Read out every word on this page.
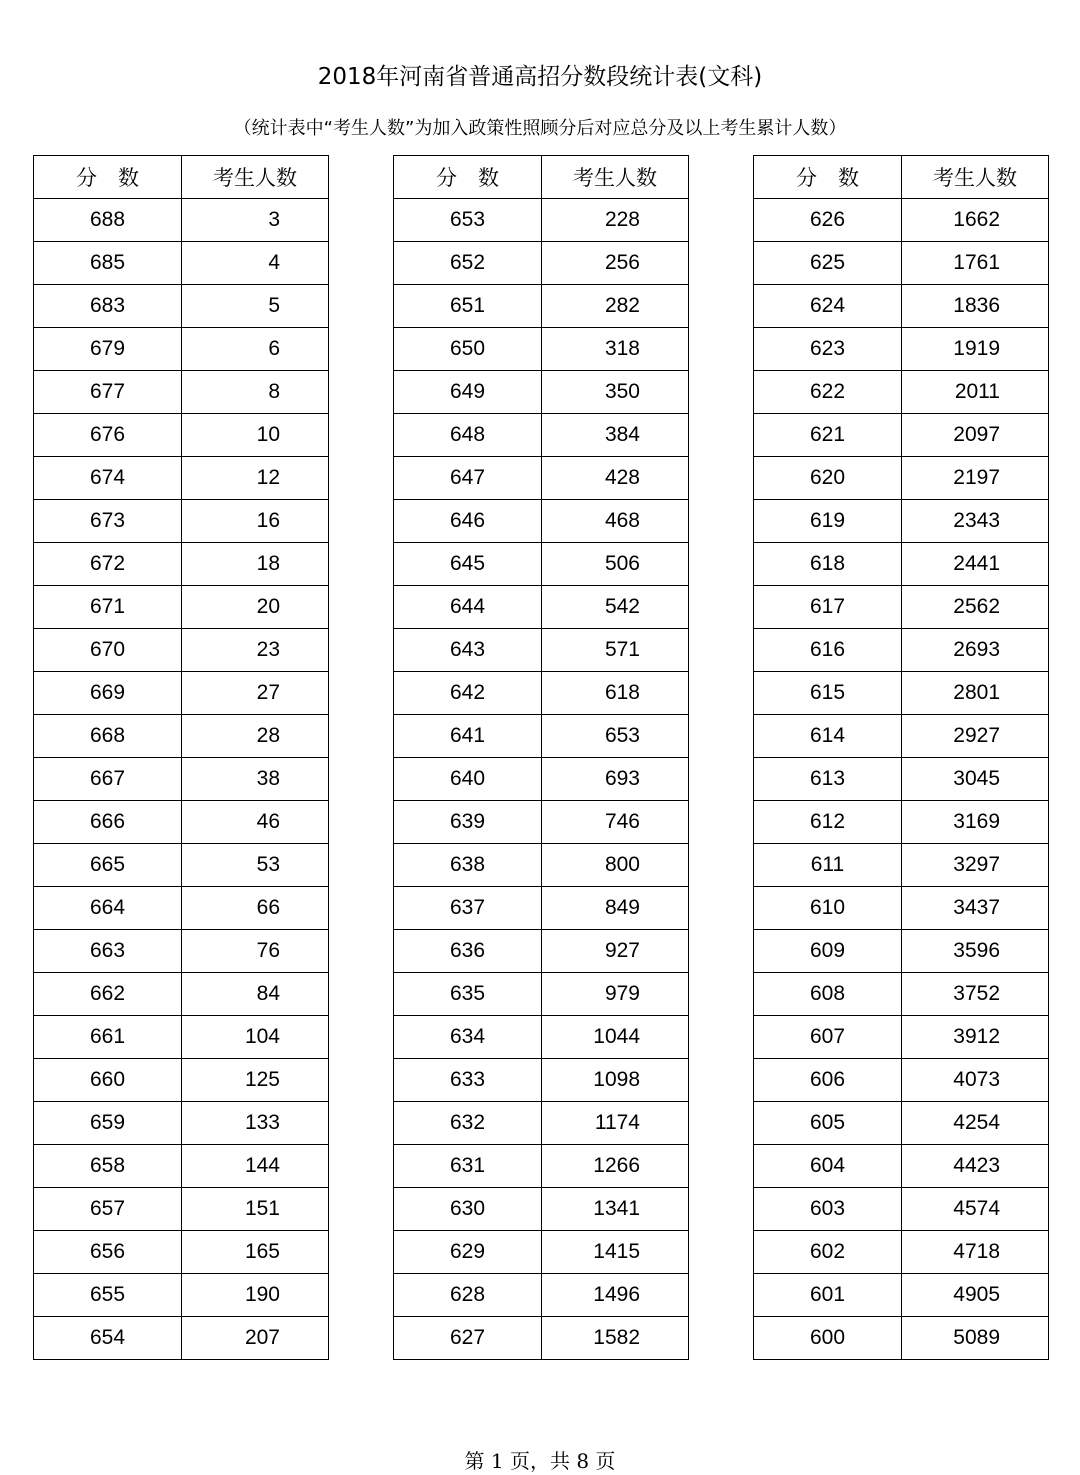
2018年河南省普通高招分数段统计表(文科)
（统计表中“考生人数”为加入政策性照顾分后对应总分及以上考生累计人数）
分　数	考生人数
688	3
685	4
683	5
679	6
677	8
676	10
674	12
673	16
672	18
671	20
670	23
669	27
668	28
667	38
666	46
665	53
664	66
663	76
662	84
661	104
660	125
659	133
658	144
657	151
656	165
655	190
654	207
分　数	考生人数
653	228
652	256
651	282
650	318
649	350
648	384
647	428
646	468
645	506
644	542
643	571
642	618
641	653
640	693
639	746
638	800
637	849
636	927
635	979
634	1044
633	1098
632	1174
631	1266
630	1341
629	1415
628	1496
627	1582
分　数	考生人数
626	1662
625	1761
624	1836
623	1919
622	2011
621	2097
620	2197
619	2343
618	2441
617	2562
616	2693
615	2801
614	2927
613	3045
612	3169
611	3297
610	3437
609	3596
608	3752
607	3912
606	4073
605	4254
604	4423
603	4574
602	4718
601	4905
600	5089
第 1 页，共 8 页
